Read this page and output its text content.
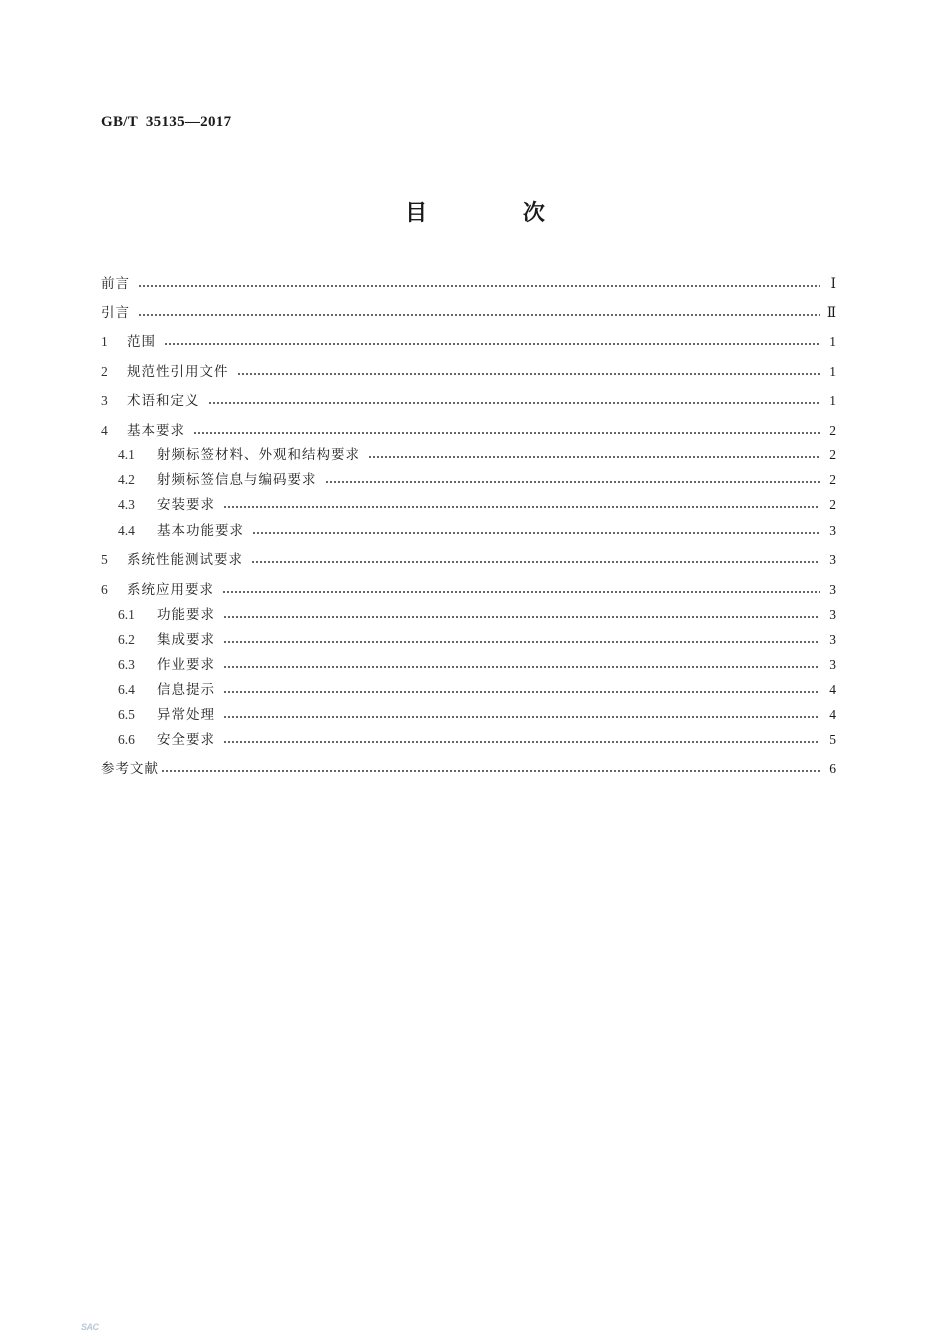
GB/T  35135—2017
目 次
前言	Ⅰ
引言	Ⅱ
1	范围	1
2	规范性引用文件	1
3	术语和定义	1
4	基本要求	2
4.1	射频标签材料、外观和结构要求	2
4.2	射频标签信息与编码要求	2
4.3	安装要求	2
4.4	基本功能要求	3
5	系统性能测试要求	3
6	系统应用要求	3
6.1	功能要求	3
6.2	集成要求	3
6.3	作业要求	3
6.4	信息提示	4
6.5	异常处理	4
6.6	安全要求	5
参考文献	6
SAC
